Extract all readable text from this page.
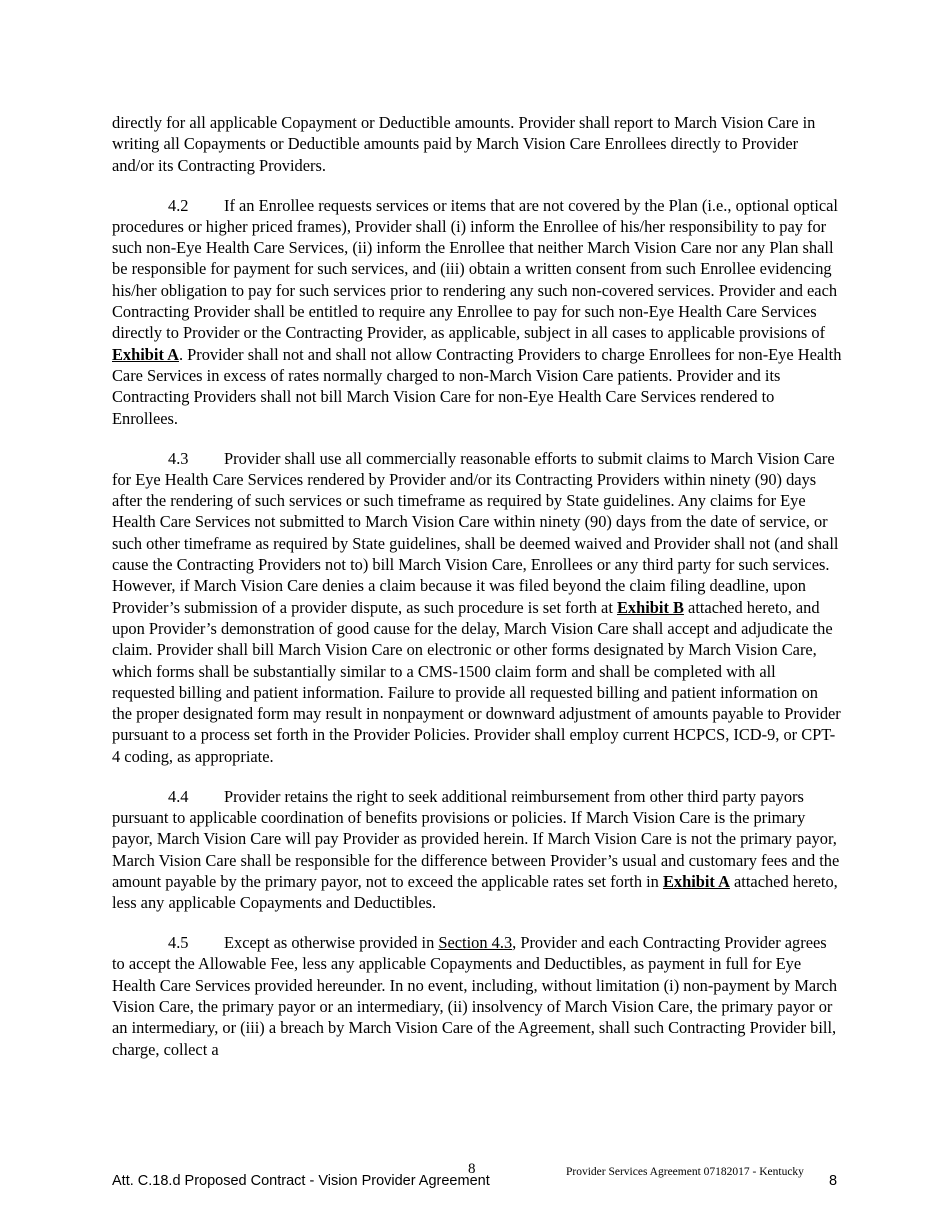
directly for all applicable Copayment or Deductible amounts. Provider shall report to March Vision Care in writing all Copayments or Deductible amounts paid by March Vision Care Enrollees directly to Provider and/or its Contracting Providers.

4.2 If an Enrollee requests services or items that are not covered by the Plan (i.e., optional optical procedures or higher priced frames), Provider shall (i) inform the Enrollee of his/her responsibility to pay for such non-Eye Health Care Services, (ii) inform the Enrollee that neither March Vision Care nor any Plan shall be responsible for payment for such services, and (iii) obtain a written consent from such Enrollee evidencing his/her obligation to pay for such services prior to rendering any such non-covered services. Provider and each Contracting Provider shall be entitled to require any Enrollee to pay for such non-Eye Health Care Services directly to Provider or the Contracting Provider, as applicable, subject in all cases to applicable provisions of Exhibit A. Provider shall not and shall not allow Contracting Providers to charge Enrollees for non-Eye Health Care Services in excess of rates normally charged to non-March Vision Care patients. Provider and its Contracting Providers shall not bill March Vision Care for non-Eye Health Care Services rendered to Enrollees.

4.3 Provider shall use all commercially reasonable efforts to submit claims to March Vision Care for Eye Health Care Services rendered by Provider and/or its Contracting Providers within ninety (90) days after the rendering of such services or such timeframe as required by State guidelines. Any claims for Eye Health Care Services not submitted to March Vision Care within ninety (90) days from the date of service, or such other timeframe as required by State guidelines, shall be deemed waived and Provider shall not (and shall cause the Contracting Providers not to) bill March Vision Care, Enrollees or any third party for such services. However, if March Vision Care denies a claim because it was filed beyond the claim filing deadline, upon Provider’s submission of a provider dispute, as such procedure is set forth at Exhibit B attached hereto, and upon Provider’s demonstration of good cause for the delay, March Vision Care shall accept and adjudicate the claim. Provider shall bill March Vision Care on electronic or other forms designated by March Vision Care, which forms shall be substantially similar to a CMS-1500 claim form and shall be completed with all requested billing and patient information. Failure to provide all requested billing and patient information on the proper designated form may result in nonpayment or downward adjustment of amounts payable to Provider pursuant to a process set forth in the Provider Policies. Provider shall employ current HCPCS, ICD-9, or CPT-4 coding, as appropriate.

4.4 Provider retains the right to seek additional reimbursement from other third party payors pursuant to applicable coordination of benefits provisions or policies. If March Vision Care is the primary payor, March Vision Care will pay Provider as provided herein. If March Vision Care is not the primary payor, March Vision Care shall be responsible for the difference between Provider’s usual and customary fees and the amount payable by the primary payor, not to exceed the applicable rates set forth in Exhibit A attached hereto, less any applicable Copayments and Deductibles.

4.5 Except as otherwise provided in Section 4.3, Provider and each Contracting Provider agrees to accept the Allowable Fee, less any applicable Copayments and Deductibles, as payment in full for Eye Health Care Services provided hereunder. In no event, including, without limitation (i) non-payment by March Vision Care, the primary payor or an intermediary, (ii) insolvency of March Vision Care, the primary payor or an intermediary, or (iii) a breach by March Vision Care of the Agreement, shall such Contracting Provider bill, charge, collect a

Att. C.18.d Proposed Contract - Vision Provider Agreement
8	Provider Services Agreement 07182017 - Kentucky
8
